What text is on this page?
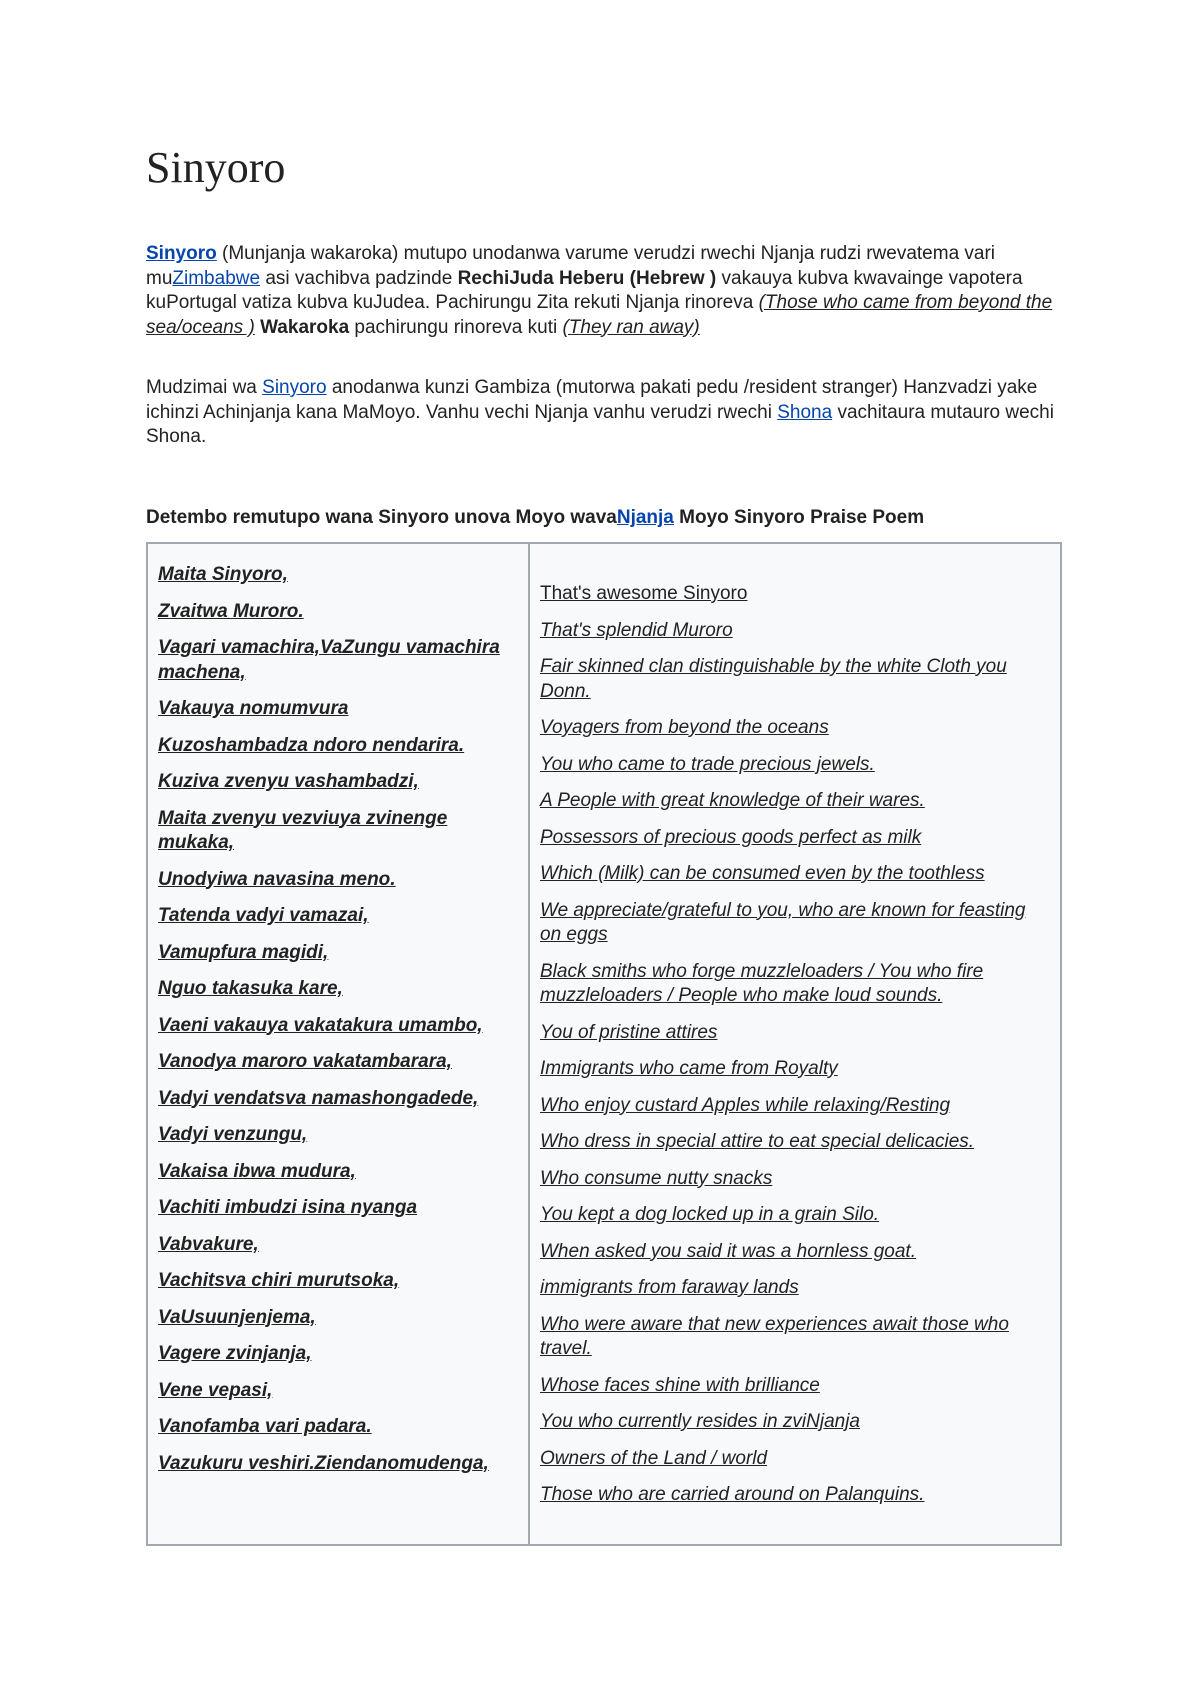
Sinyoro

Sinyoro (Munjanja wakaroka) mutupo unodanwa varume verudzi rwechi Njanja rudzi rwevatema vari muZimbabwe asi vachibva padzinde RechiJuda Heberu (Hebrew ) vakauya kubva kwavainge vapotera kuPortugal vatiza kubva kuJudea. Pachirungu Zita rekuti Njanja rinoreva (Those who came from beyond the sea/oceans ) Wakaroka pachirungu rinoreva kuti (They ran away)

Mudzimai wa Sinyoro anodanwa kunzi Gambiza (mutorwa pakati pedu /resident stranger) Hanzvadzi yake ichinzi Achinjanja kana MaMoyo. Vanhu vechi Njanja vanhu verudzi rwechi Shona vachitaura mutauro wechi Shona.

Detembo remutupo wana Sinyoro unova Moyo wavaNjanja Moyo Sinyoro Praise Poem

Maita Sinyoro,

Zvaitwa Muroro.

Vagari vamachira,VaZungu vamachira machena,

Vakauya nomumvura

Kuzoshambadza ndoro nendarira.

Kuziva zvenyu vashambadzi,

Maita zvenyu vezviuya zvinenge mukaka,

Unodyiwa navasina meno.

Tatenda vadyi vamazai,

Vamupfura magidi,

Nguo takasuka kare,

Vaeni vakauya vakatakura umambo,

Vanodya maroro vakatambarara,

Vadyi vendatsva namashongadede,

Vadyi venzungu,

Vakaisa ibwa mudura,

Vachiti imbudzi isina nyanga

Vabvakure,

Vachitsva chiri murutsoka,

VaUsuunjenjema,

Vagere zvinjanja,

Vene vepasi,

Vanofamba vari padara.

Vazukuru veshiri.Ziendanomudenga,

That's awesome Sinyoro

That's splendid Muroro

Fair skinned clan distinguishable by the white Cloth you Donn.

Voyagers from beyond the oceans

You who came to trade precious jewels.

A People with great knowledge of their wares.

Possessors of precious goods perfect as milk

Which (Milk) can be consumed even by the toothless

We appreciate/grateful to you, who are known for feasting on eggs

Black smiths who forge muzzleloaders / You who fire muzzleloaders / People who make loud sounds.

You of pristine attires

Immigrants who came from Royalty

Who enjoy custard Apples while relaxing/Resting

Who dress in special attire to eat special delicacies.

Who consume nutty snacks

You kept a dog locked up in a grain Silo.

When asked you said it was a hornless goat.

immigrants from faraway lands

Who were aware that new experiences await those who travel.

Whose faces shine with brilliance

You who currently resides in zviNjanja

Owners of the Land / world

Those who are carried around on Palanquins.
